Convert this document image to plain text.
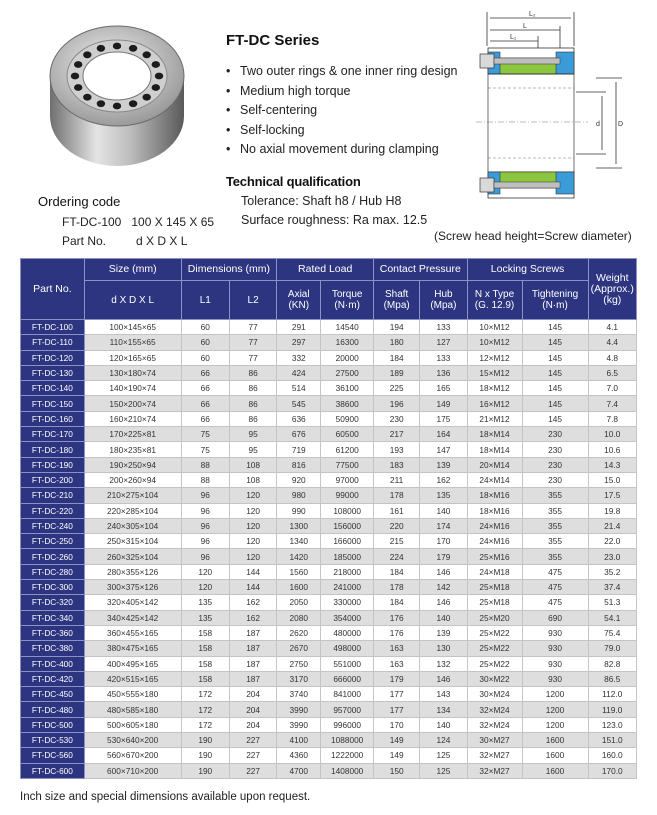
FT-DC Series
• Two outer rings & one inner ring design
• Medium high torque
• Self-centering
• Self-locking
• No axial movement during clamping
Technical qualification
Tolerance: Shaft h8 / Hub H8
Surface roughness: Ra max. 12.5
Ordering code
FT-DC-100   100 X 145 X 65
Part No.         d X D X L
L₂
L
L₁
D
d
(Screw head height=Screw diameter)
Part No.	Size (mm)	Dimensions (mm)		Rated Load		Contact Pressure		Locking Screws		Weight
(Approx.)
(kg)
	d X D X L	L1	L2	Axial
(KN)	Torque
(N·m)	Shaft
(Mpa)	Hub
(Mpa)	N x Type
(G. 12.9)	Tightening
(N·m)	
FT-DC-100	100×145×65	60	77	291	14540	194	133	10×M12	145	4.1
FT-DC-110	110×155×65	60	77	297	16300	180	127	10×M12	145	4.4
FT-DC-120	120×165×65	60	77	332	20000	184	133	12×M12	145	4.8
FT-DC-130	130×180×74	66	86	424	27500	189	136	15×M12	145	6.5
FT-DC-140	140×190×74	66	86	514	36100	225	165	18×M12	145	7.0
FT-DC-150	150×200×74	66	86	545	38600	196	149	16×M12	145	7.4
FT-DC-160	160×210×74	66	86	636	50900	230	175	21×M12	145	7.8
FT-DC-170	170×225×81	75	95	676	60500	217	164	18×M14	230	10.0
FT-DC-180	180×235×81	75	95	719	61200	193	147	18×M14	230	10.6
FT-DC-190	190×250×94	88	108	816	77500	183	139	20×M14	230	14.3
FT-DC-200	200×260×94	88	108	920	97000	211	162	24×M14	230	15.0
FT-DC-210	210×275×104	96	120	980	99000	178	135	18×M16	355	17.5
FT-DC-220	220×285×104	96	120	990	108000	161	140	18×M16	355	19.8
FT-DC-240	240×305×104	96	120	1300	156000	220	174	24×M16	355	21.4
FT-DC-250	250×315×104	96	120	1340	166000	215	170	24×M16	355	22.0
FT-DC-260	260×325×104	96	120	1420	185000	224	179	25×M16	355	23.0
FT-DC-280	280×355×126	120	144	1560	218000	184	146	24×M18	475	35.2
FT-DC-300	300×375×126	120	144	1600	241000	178	142	25×M18	475	37.4
FT-DC-320	320×405×142	135	162	2050	330000	184	146	25×M18	475	51.3
FT-DC-340	340×425×142	135	162	2080	354000	176	140	25×M20	690	54.1
FT-DC-360	360×455×165	158	187	2620	480000	176	139	25×M22	930	75.4
FT-DC-380	380×475×165	158	187	2670	498000	163	130	25×M22	930	79.0
FT-DC-400	400×495×165	158	187	2750	551000	163	132	25×M22	930	82.8
FT-DC-420	420×515×165	158	187	3170	666000	179	146	30×M22	930	86.5
FT-DC-450	450×555×180	172	204	3740	841000	177	143	30×M24	1200	112.0
FT-DC-480	480×585×180	172	204	3990	957000	177	134	32×M24	1200	119.0
FT-DC-500	500×605×180	172	204	3990	996000	170	140	32×M24	1200	123.0
FT-DC-530	530×640×200	190	227	4100	1088000	149	124	30×M27	1600	151.0
FT-DC-560	560×670×200	190	227	4360	1222000	149	125	32×M27	1600	160.0
FT-DC-600	600×710×200	190	227	4700	1408000	150	125	32×M27	1600	170.0
Inch size and special dimensions available upon request.
